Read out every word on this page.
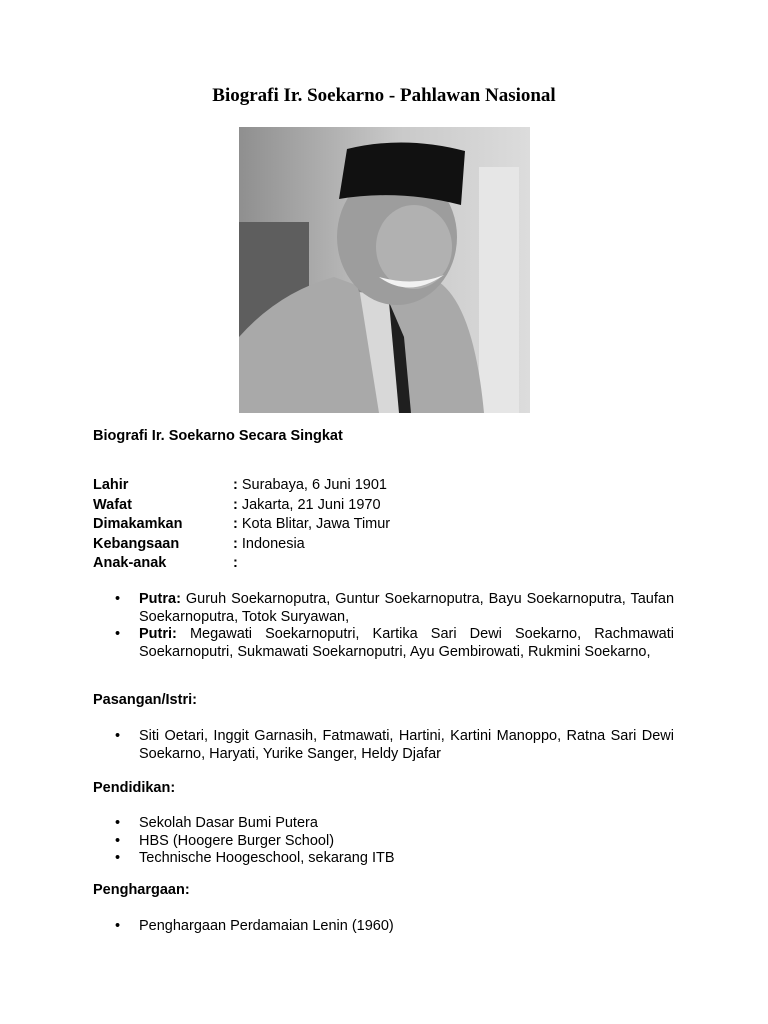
Biografi Ir. Soekarno - Pahlawan Nasional

Biografi Ir. Soekarno Secara Singkat

Lahir	: Surabaya, 6 Juni 1901
Wafat	: Jakarta, 21 Juni 1970
Dimakamkan	: Kota Blitar, Jawa Timur
Kebangsaan	: Indonesia
Anak-anak	:
• Putra: Guruh Soekarnoputra, Guntur Soekarnoputra, Bayu Soekarnoputra, Taufan Soekarnoputra, Totok Suryawan,
• Putri: Megawati Soekarnoputri, Kartika Sari Dewi Soekarno, Rachmawati Soekarnoputri, Sukmawati Soekarnoputri, Ayu Gembirowati, Rukmini Soekarno,

Pasangan/Istri:

• Siti Oetari, Inggit Garnasih, Fatmawati, Hartini, Kartini Manoppo, Ratna Sari Dewi Soekarno, Haryati, Yurike Sanger, Heldy Djafar

Pendidikan:

• Sekolah Dasar Bumi Putera
• HBS (Hoogere Burger School)
• Technische Hoogeschool, sekarang ITB

Penghargaan:

• Penghargaan Perdamaian Lenin (1960)
